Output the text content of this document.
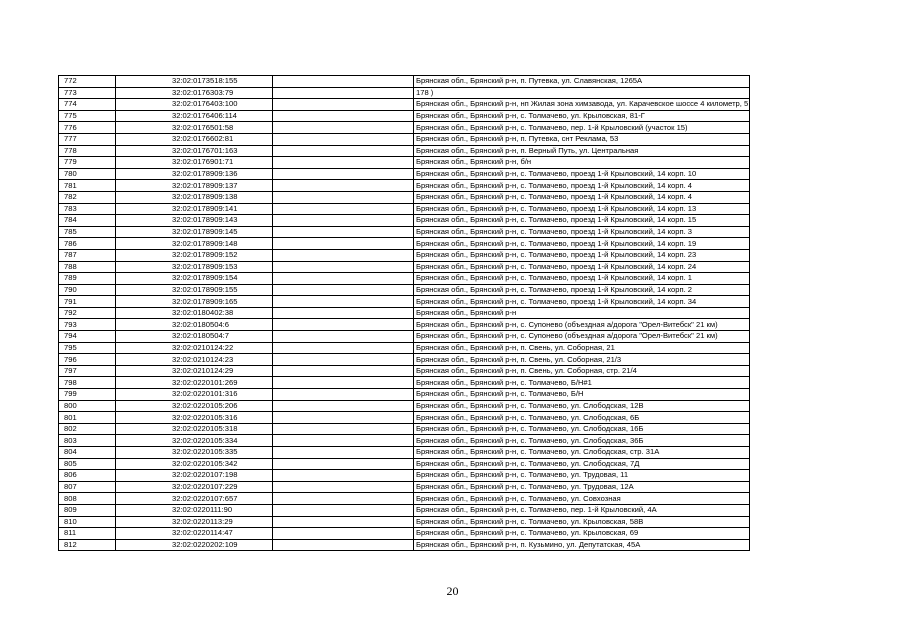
772	32:02:0173518:155		Брянская обл., Брянский р-н, п. Путевка, ул. Славянская, 1265А
773	32:02:0176303:79		178 )
774	32:02:0176403:100		Брянская обл., Брянский р-н, нп Жилая зона химзавода, ул. Карачевское шоссе 4 километр, 5
775	32:02:0176406:114		Брянская обл., Брянский р-н, с. Толмачево, ул. Крыловская, 81-Г
776	32:02:0176501:58		Брянская обл., Брянский р-н, с. Толмачево, пер. 1-й Крыловский (участок 15)
777	32:02:0176602:81		Брянская обл., Брянский р-н, п. Путевка, снт Реклама, 53
778	32:02:0176701:163		Брянская обл., Брянский р-н, п. Верный Путь, ул. Центральная
779	32:02:0176901:71		Брянская обл., Брянский р-н, б/н
780	32:02:0178909:136		Брянская обл., Брянский р-н, с. Толмачево, проезд 1-й Крыловский, 14 корп. 10
781	32:02:0178909:137		Брянская обл., Брянский р-н, с. Толмачево, проезд 1-й Крыловский, 14 корп. 4
782	32:02:0178909:138		Брянская обл., Брянский р-н, с. Толмачево, проезд 1-й Крыловский, 14 корп. 4
783	32:02:0178909:141		Брянская обл., Брянский р-н, с. Толмачево, проезд 1-й Крыловский, 14 корп. 13
784	32:02:0178909:143		Брянская обл., Брянский р-н, с. Толмачево, проезд 1-й Крыловский, 14 корп. 15
785	32:02:0178909:145		Брянская обл., Брянский р-н, с. Толмачево, проезд 1-й Крыловский, 14 корп. 3
786	32:02:0178909:148		Брянская обл., Брянский р-н, с. Толмачево, проезд 1-й Крыловский, 14 корп. 19
787	32:02:0178909:152		Брянская обл., Брянский р-н, с. Толмачево, проезд 1-й Крыловский, 14 корп. 23
788	32:02:0178909:153		Брянская обл., Брянский р-н, с. Толмачево, проезд 1-й Крыловский, 14 корп. 24
789	32:02:0178909:154		Брянская обл., Брянский р-н, с. Толмачево, проезд 1-й Крыловский, 14 корп. 1
790	32:02:0178909:155		Брянская обл., Брянский р-н, с. Толмачево, проезд 1-й Крыловский, 14 корп. 2
791	32:02:0178909:165		Брянская обл., Брянский р-н, с. Толмачево, проезд 1-й Крыловский, 14 корп. 34
792	32:02:0180402:38		Брянская обл., Брянский р-н
793	32:02:0180504:6		Брянская обл., Брянский р-н, с. Супонево (объездная а/дорога "Орел-Витебск" 21 км)
794	32:02:0180504:7		Брянская обл., Брянский р-н, с. Супонево (объездная а/дорога "Орел-Витебск" 21 км)
795	32:02:0210124:22		Брянская обл., Брянский р-н, п. Свень, ул. Соборная, 21
796	32:02:0210124:23		Брянская обл., Брянский р-н, п. Свень, ул. Соборная, 21/3
797	32:02:0210124:29		Брянская обл., Брянский р-н, п. Свень, ул. Соборная, стр. 21/4
798	32:02:0220101:269		Брянская обл., Брянский р-н, с. Толмачево, Б/Н#1
799	32:02:0220101:316		Брянская обл., Брянский р-н, с. Толмачево, Б/Н
800	32:02:0220105:206		Брянская обл., Брянский р-н, с. Толмачево, ул. Слободская, 12В
801	32:02:0220105:316		Брянская обл., Брянский р-н, с. Толмачево, ул. Слободская, 6Б
802	32:02:0220105:318		Брянская обл., Брянский р-н, с. Толмачево, ул. Слободская, 16Б
803	32:02:0220105:334		Брянская обл., Брянский р-н, с. Толмачево, ул. Слободская, 36Б
804	32:02:0220105:335		Брянская обл., Брянский р-н, с. Толмачево, ул. Слободская, стр. 31А
805	32:02:0220105:342		Брянская обл., Брянский р-н, с. Толмачево, ул. Слободская, 7Д
806	32:02:0220107:198		Брянская обл., Брянский р-н, с. Толмачево, ул. Трудовая, 11
807	32:02:0220107:229		Брянская обл., Брянский р-н, с. Толмачево, ул. Трудовая, 12А
808	32:02:0220107:657		Брянская обл., Брянский р-н, с. Толмачево, ул. Совхозная
809	32:02:0220111:90		Брянская обл., Брянский р-н, с. Толмачево, пер. 1-й Крыловский, 4А
810	32:02:0220113:29		Брянская обл., Брянский р-н, с. Толмачево, ул. Крыловская, 58В
811	32:02:0220114:47		Брянская обл., Брянский р-н, с. Толмачево, ул. Крыловская, 69
812	32:02:0220202:109		Брянская обл., Брянский р-н, п. Кузьмино, ул. Депутатская, 45А
20
